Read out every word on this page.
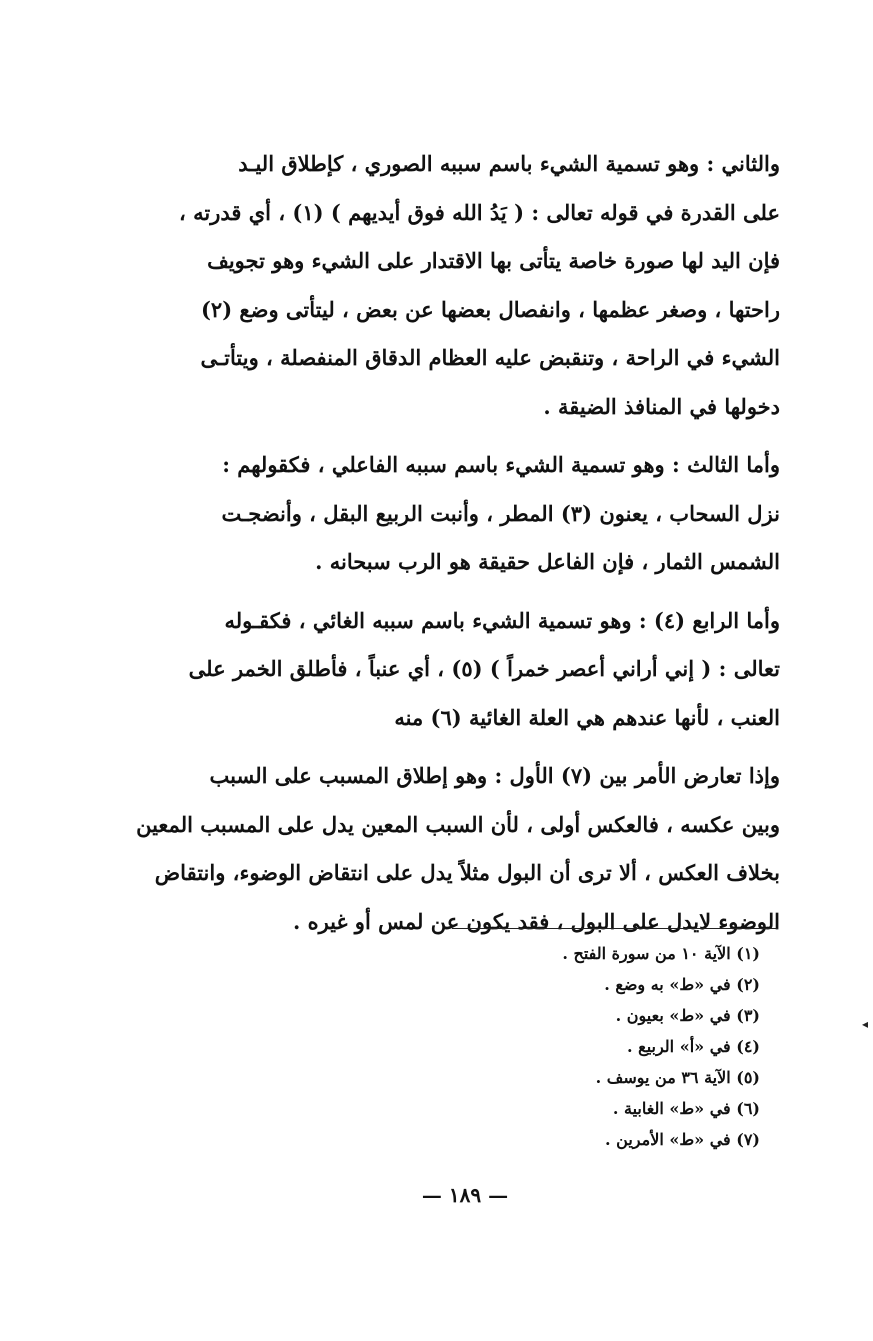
والثاني : وهو تسمية الشيء باسم سببه الصوري ، كإطلاق اليـد
على القدرة في قوله تعالى : ( يَدُ الله فوق أيديهم ) (١) ، أي قدرته ،
فإن اليد لها صورة خاصة يتأتى بها الاقتدار على الشيء وهو تجويف
راحتها ، وصغر عظمها ، وانفصال بعضها عن بعض ، ليتأتى وضع (٢)
الشيء في الراحة ، وتنقبض عليه العظام الدقاق المنفصلة ، ويتأتـى
دخولها في المنافذ الضيقة .
وأما الثالث : وهو تسمية الشيء باسم سببه الفاعلي ، فكقولهم :
نزل السحاب ، يعنون (٣) المطر ، وأنبت الربيع البقل ، وأنضجـت
الشمس الثمار ، فإن الفاعل حقيقة هو الرب سبحانه .
وأما الرابع (٤) : وهو تسمية الشيء باسم سببه الغائي ، فكقـوله
تعالى : ( إني أراني أعصر خمراً ) (٥) ، أي عنباً ، فأطلق الخمر على
العنب ، لأنها عندهم هي العلة الغائية (٦) منه
وإذا تعارض الأمر بين (٧) الأول : وهو إطلاق المسبب على السبب
وبين عكسه ، فالعكس أولى ، لأن السبب المعين يدل على المسبب المعين
بخلاف العكس ، ألا ترى أن البول مثلاً يدل على انتقاض الوضوء، وانتقاض
الوضوء لايدل على البول ، فقد يكون عن لمس أو غيره .
(١) الآية ١٠ من سورة الفتح .
(٢) في «ط» به وضع .
(٣) في «ط» بعيون .
(٤) في «أ» الربيع .
(٥) الآية ٣٦ من يوسف .
(٦) في «ط» الغابية .
(٧) في «ط» الأمرين .
— ١٨٩ —
◂
